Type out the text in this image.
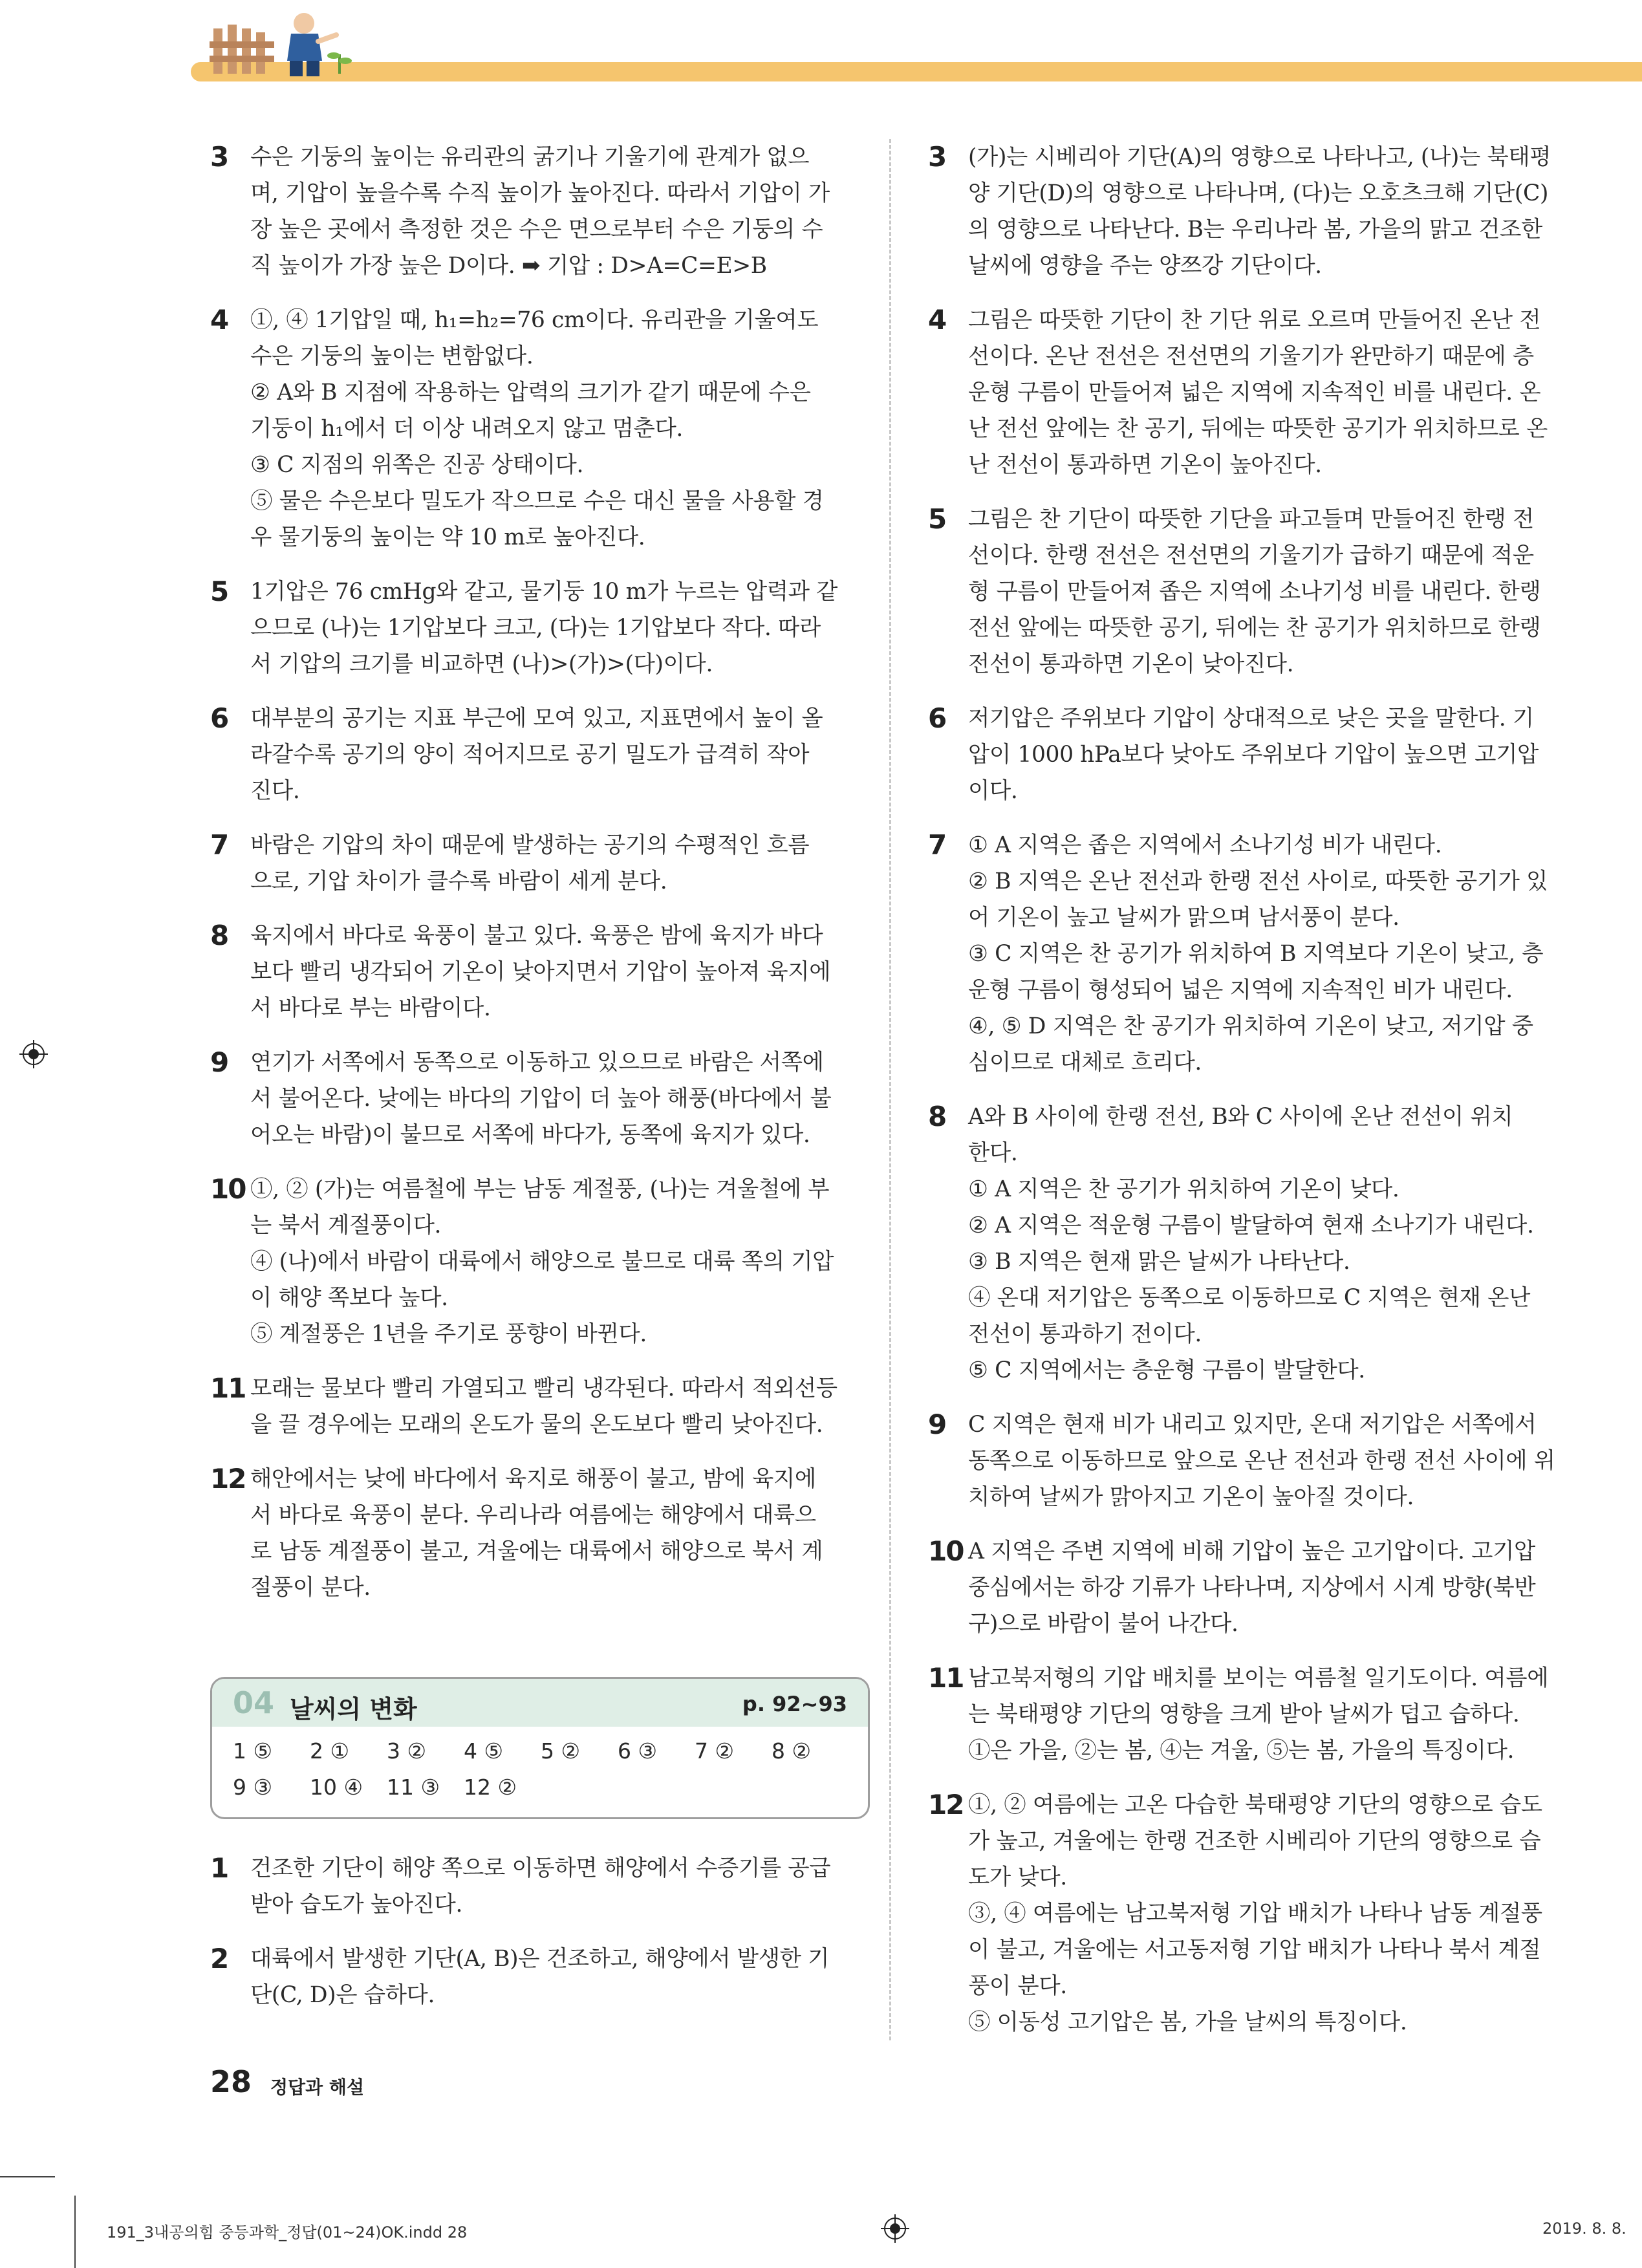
3 수은 기둥의 높이는 유리관의 굵기나 기울기에 관계가 없으
며, 기압이 높을수록 수직 높이가 높아진다. 따라서 기압이 가
장 높은 곳에서 측정한 것은 수은 면으로부터 수은 기둥의 수
직 높이가 가장 높은 D이다. ➡ 기압 : D>A=C=E>B
4 ①, ④ 1기압일 때, h₁=h₂=76 cm이다. 유리관을 기울여도
수은 기둥의 높이는 변함없다.
② A와 B 지점에 작용하는 압력의 크기가 같기 때문에 수은
기둥이 h₁에서 더 이상 내려오지 않고 멈춘다.
③ C 지점의 위쪽은 진공 상태이다.
⑤ 물은 수은보다 밀도가 작으므로 수은 대신 물을 사용할 경
우 물기둥의 높이는 약 10 m로 높아진다.
5 1기압은 76 cmHg와 같고, 물기둥 10 m가 누르는 압력과 같
으므로 (나)는 1기압보다 크고, (다)는 1기압보다 작다. 따라
서 기압의 크기를 비교하면 (나)>(가)>(다)이다.
6 대부분의 공기는 지표 부근에 모여 있고, 지표면에서 높이 올
라갈수록 공기의 양이 적어지므로 공기 밀도가 급격히 작아
진다.
7 바람은 기압의 차이 때문에 발생하는 공기의 수평적인 흐름
으로, 기압 차이가 클수록 바람이 세게 분다.
8 육지에서 바다로 육풍이 불고 있다. 육풍은 밤에 육지가 바다
보다 빨리 냉각되어 기온이 낮아지면서 기압이 높아져 육지에
서 바다로 부는 바람이다.
9 연기가 서쪽에서 동쪽으로 이동하고 있으므로 바람은 서쪽에
서 불어온다. 낮에는 바다의 기압이 더 높아 해풍(바다에서 불
어오는 바람)이 불므로 서쪽에 바다가, 동쪽에 육지가 있다.
10 ①, ② (가)는 여름철에 부는 남동 계절풍, (나)는 겨울철에 부
는 북서 계절풍이다.
④ (나)에서 바람이 대륙에서 해양으로 불므로 대륙 쪽의 기압
이 해양 쪽보다 높다.
⑤ 계절풍은 1년을 주기로 풍향이 바뀐다.
11 모래는 물보다 빨리 가열되고 빨리 냉각된다. 따라서 적외선등
을 끌 경우에는 모래의 온도가 물의 온도보다 빨리 낮아진다.
12 해안에서는 낮에 바다에서 육지로 해풍이 불고, 밤에 육지에
서 바다로 육풍이 분다. 우리나라 여름에는 해양에서 대륙으
로 남동 계절풍이 불고, 겨울에는 대륙에서 해양으로 북서 계
절풍이 분다.
04 날씨의 변화	p. 92~93
1 ⑤ 2 ① 3 ② 4 ⑤ 5 ② 6 ③ 7 ② 8 ②
9 ③ 10 ④ 11 ③ 12 ②
1 건조한 기단이 해양 쪽으로 이동하면 해양에서 수증기를 공급
받아 습도가 높아진다.
2 대륙에서 발생한 기단(A, B)은 건조하고, 해양에서 발생한 기
단(C, D)은 습하다.
3 (가)는 시베리아 기단(A)의 영향으로 나타나고, (나)는 북태평
양 기단(D)의 영향으로 나타나며, (다)는 오호츠크해 기단(C)
의 영향으로 나타난다. B는 우리나라 봄, 가을의 맑고 건조한
날씨에 영향을 주는 양쯔강 기단이다.
4 그림은 따뜻한 기단이 찬 기단 위로 오르며 만들어진 온난 전
선이다. 온난 전선은 전선면의 기울기가 완만하기 때문에 층
운형 구름이 만들어져 넓은 지역에 지속적인 비를 내린다. 온
난 전선 앞에는 찬 공기, 뒤에는 따뜻한 공기가 위치하므로 온
난 전선이 통과하면 기온이 높아진다.
5 그림은 찬 기단이 따뜻한 기단을 파고들며 만들어진 한랭 전
선이다. 한랭 전선은 전선면의 기울기가 급하기 때문에 적운
형 구름이 만들어져 좁은 지역에 소나기성 비를 내린다. 한랭
전선 앞에는 따뜻한 공기, 뒤에는 찬 공기가 위치하므로 한랭
전선이 통과하면 기온이 낮아진다.
6 저기압은 주위보다 기압이 상대적으로 낮은 곳을 말한다. 기
압이 1000 hPa보다 낮아도 주위보다 기압이 높으면 고기압
이다.
7 ① A 지역은 좁은 지역에서 소나기성 비가 내린다.
② B 지역은 온난 전선과 한랭 전선 사이로, 따뜻한 공기가 있
어 기온이 높고 날씨가 맑으며 남서풍이 분다.
③ C 지역은 찬 공기가 위치하여 B 지역보다 기온이 낮고, 층
운형 구름이 형성되어 넓은 지역에 지속적인 비가 내린다.
④, ⑤ D 지역은 찬 공기가 위치하여 기온이 낮고, 저기압 중
심이므로 대체로 흐리다.
8 A와 B 사이에 한랭 전선, B와 C 사이에 온난 전선이 위치
한다.
① A 지역은 찬 공기가 위치하여 기온이 낮다.
② A 지역은 적운형 구름이 발달하여 현재 소나기가 내린다.
③ B 지역은 현재 맑은 날씨가 나타난다.
④ 온대 저기압은 동쪽으로 이동하므로 C 지역은 현재 온난
전선이 통과하기 전이다.
⑤ C 지역에서는 층운형 구름이 발달한다.
9 C 지역은 현재 비가 내리고 있지만, 온대 저기압은 서쪽에서
동쪽으로 이동하므로 앞으로 온난 전선과 한랭 전선 사이에 위
치하여 날씨가 맑아지고 기온이 높아질 것이다.
10 A 지역은 주변 지역에 비해 기압이 높은 고기압이다. 고기압
중심에서는 하강 기류가 나타나며, 지상에서 시계 방향(북반
구)으로 바람이 불어 나간다.
11 남고북저형의 기압 배치를 보이는 여름철 일기도이다. 여름에
는 북태평양 기단의 영향을 크게 받아 날씨가 덥고 습하다.
①은 가을, ②는 봄, ④는 겨울, ⑤는 봄, 가을의 특징이다.
12 ①, ② 여름에는 고온 다습한 북태평양 기단의 영향으로 습도
가 높고, 겨울에는 한랭 건조한 시베리아 기단의 영향으로 습
도가 낮다.
③, ④ 여름에는 남고북저형 기압 배치가 나타나 남동 계절풍
이 불고, 겨울에는 서고동저형 기압 배치가 나타나 북서 계절
풍이 분다.
⑤ 이동성 고기압은 봄, 가을 날씨의 특징이다.
28 정답과 해설
191_3내공의힘 중등과학_정답(01~24)OK.indd 28	2019. 8. 8.
